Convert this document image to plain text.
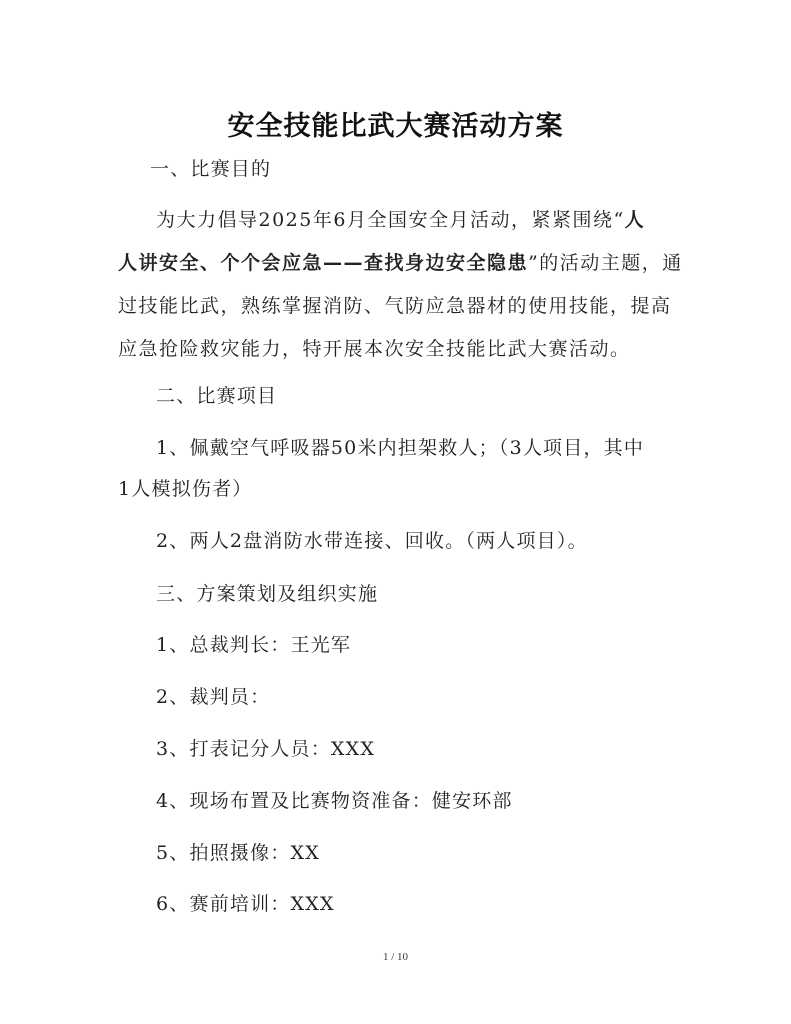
安全技能比武大赛活动方案
一、比赛目的
为大力倡导2025年6月全国安全月活动，紧紧围绕“人
人讲安全、个个会应急——查找身边安全隐患”的活动主题，通
过技能比武，熟练掌握消防、气防应急器材的使用技能，提高
应急抢险救灾能力，特开展本次安全技能比武大赛活动。
二、比赛项目
1、佩戴空气呼吸器50米内担架救人；（3人项目，其中
1人模拟伤者）
2、两人2盘消防水带连接、回收。（两人项目）。
三、方案策划及组织实施
1、总裁判长：王光军
2、裁判员：
3、打表记分人员：XXX
4、现场布置及比赛物资准备：健安环部
5、拍照摄像：XX
6、赛前培训：XXX
1 / 10
